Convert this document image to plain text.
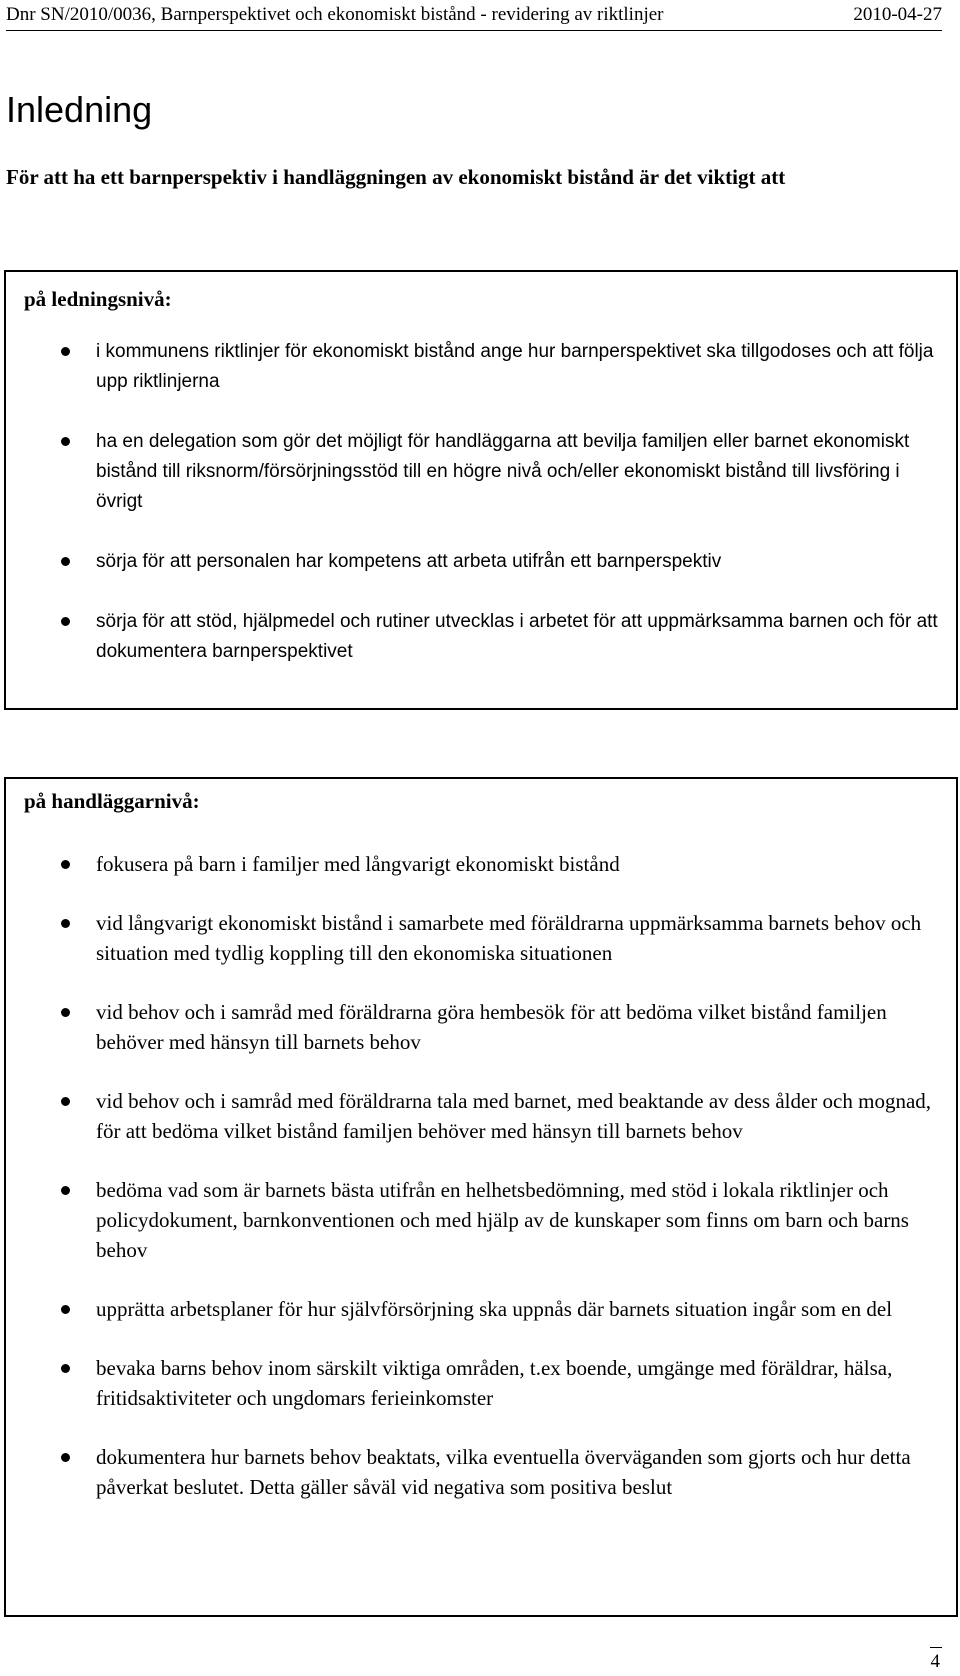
Dnr SN/2010/0036, Barnperspektivet och ekonomiskt bistånd - revidering av riktlinjer	2010-04-27
Inledning
För att ha ett barnperspektiv i handläggningen av ekonomiskt bistånd är det viktigt att
på ledningsnivå:
i kommunens riktlinjer för ekonomiskt bistånd ange hur barnperspektivet ska tillgodoses och att följa upp riktlinjerna
ha en delegation som gör det möjligt för handläggarna att bevilja familjen eller barnet ekonomiskt bistånd till riksnorm/försörjningsstöd till en högre nivå och/eller ekonomiskt bistånd till livsföring i övrigt
sörja för att personalen har kompetens att arbeta utifrån ett barnperspektiv
sörja för att stöd, hjälpmedel och rutiner utvecklas i arbetet för att uppmärksamma barnen och för att dokumentera barnperspektivet
på handläggarnivå:
fokusera på barn i familjer med långvarigt ekonomiskt bistånd
vid långvarigt ekonomiskt bistånd i samarbete med föräldrarna uppmärksamma barnets behov och situation med tydlig koppling till den ekonomiska situationen
vid behov och i samråd med föräldrarna göra hembesök för att bedöma vilket bistånd familjen behöver med hänsyn till barnets behov
vid behov och i samråd med föräldrarna tala med barnet, med beaktande av dess ålder och mognad, för att bedöma vilket bistånd familjen behöver med hänsyn till barnets behov
bedöma vad som är barnets bästa utifrån en helhetsbedömning, med stöd i lokala riktlinjer och policydokument, barnkonventionen och med hjälp av de kunskaper som finns om barn och barns behov
upprätta arbetsplaner för hur självförsörjning ska uppnås där barnets situation ingår som en del
bevaka barns behov inom särskilt viktiga områden, t.ex boende, umgänge med föräldrar, hälsa, fritidsaktiviteter och ungdomars ferieinkomster
dokumentera hur barnets behov beaktats, vilka eventuella överväganden som gjorts och hur detta påverkat beslutet. Detta gäller såväl vid negativa som positiva beslut
4
